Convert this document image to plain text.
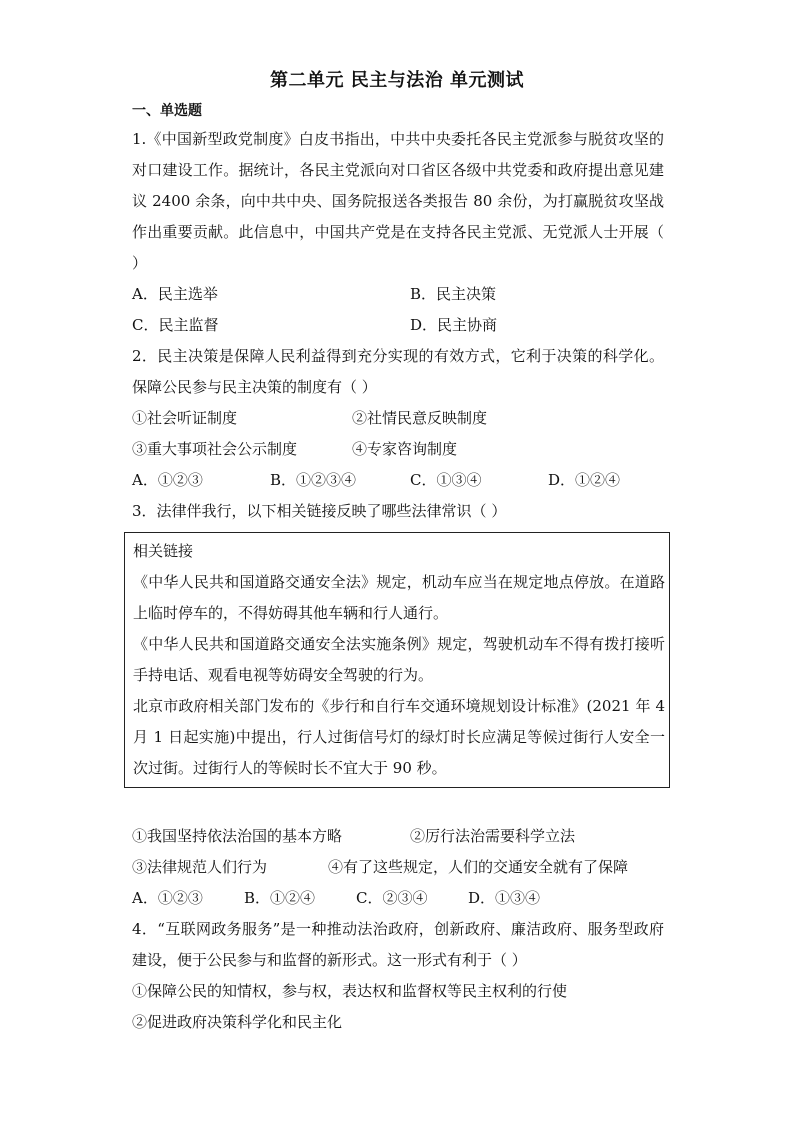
第二单元 民主与法治 单元测试
一、单选题
1.《中国新型政党制度》白皮书指出，中共中央委托各民主党派参与脱贫攻坚的对口建设工作。据统计，各民主党派向对口省区各级中共党委和政府提出意见建议 2400 余条，向中共中央、国务院报送各类报告 80 余份，为打赢脱贫攻坚战作出重要贡献。此信息中，中国共产党是在支持各民主党派、无党派人士开展（ ）
A．民主选举	B．民主决策
C．民主监督	D．民主协商
2．民主决策是保障人民利益得到充分实现的有效方式，它利于决策的科学化。保障公民参与民主决策的制度有（ ）
①社会听证制度	②社情民意反映制度
③重大事项社会公示制度	④专家咨询制度
A．①②③	B．①②③④	C．①③④	D．①②④
3．法律伴我行，以下相关链接反映了哪些法律常识（ ）
相关链接
《中华人民共和国道路交通安全法》规定，机动车应当在规定地点停放。在道路上临时停车的，不得妨碍其他车辆和行人通行。
《中华人民共和国道路交通安全法实施条例》规定，驾驶机动车不得有拨打接听手持电话、观看电视等妨碍安全驾驶的行为。
北京市政府相关部门发布的《步行和自行车交通环境规划设计标准》(2021 年 4 月 1 日起实施)中提出，行人过街信号灯的绿灯时长应满足等候过街行人安全一次过街。过街行人的等候时长不宜大于 90 秒。
①我国坚持依法治国的基本方略	②厉行法治需要科学立法
③法律规范人们行为	④有了这些规定，人们的交通安全就有了保障
A．①②③	B．①②④	C．②③④	D．①③④
4．“互联网政务服务”是一种推动法治政府，创新政府、廉洁政府、服务型政府建设，便于公民参与和监督的新形式。这一形式有利于（ ）
①保障公民的知情权，参与权，表达权和监督权等民主权利的行使
②促进政府决策科学化和民主化
